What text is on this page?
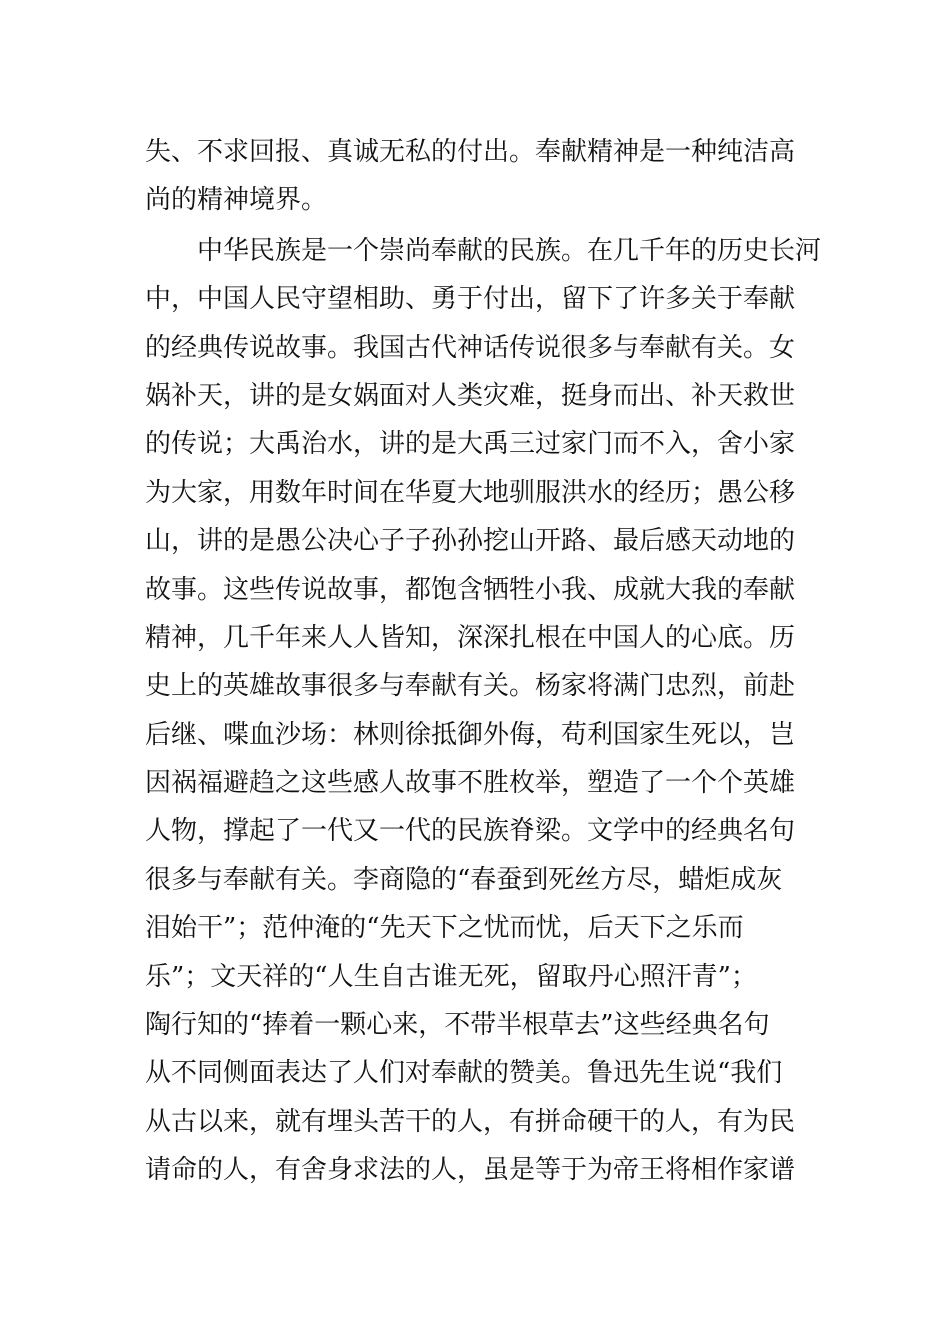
失、不求回报、真诚无私的付出。奉献精神是一种纯洁高
尚的精神境界。
　　中华民族是一个崇尚奉献的民族。在几千年的历史长河
中，中国人民守望相助、勇于付出，留下了许多关于奉献
的经典传说故事。我国古代神话传说很多与奉献有关。女
娲补天，讲的是女娲面对人类灾难，挺身而出、补天救世
的传说；大禹治水，讲的是大禹三过家门而不入，舍小家
为大家，用数年时间在华夏大地驯服洪水的经历；愚公移
山，讲的是愚公决心子子孙孙挖山开路、最后感天动地的
故事。这些传说故事，都饱含牺牲小我、成就大我的奉献
精神，几千年来人人皆知，深深扎根在中国人的心底。历
史上的英雄故事很多与奉献有关。杨家将满门忠烈，前赴
后继、喋血沙场：林则徐抵御外侮，苟利国家生死以，岂
因祸福避趋之这些感人故事不胜枚举，塑造了一个个英雄
人物，撑起了一代又一代的民族脊梁。文学中的经典名句
很多与奉献有关。李商隐的“春蚕到死丝方尽，蜡炬成灰
泪始干”；范仲淹的“先天下之忧而忧，后天下之乐而
乐”；文天祥的“人生自古谁无死，留取丹心照汗青”；
陶行知的“捧着一颗心来，不带半根草去”这些经典名句
从不同侧面表达了人们对奉献的赞美。鲁迅先生说“我们
从古以来，就有埋头苦干的人，有拼命硬干的人，有为民
请命的人，有舍身求法的人，虽是等于为帝王将相作家谱
